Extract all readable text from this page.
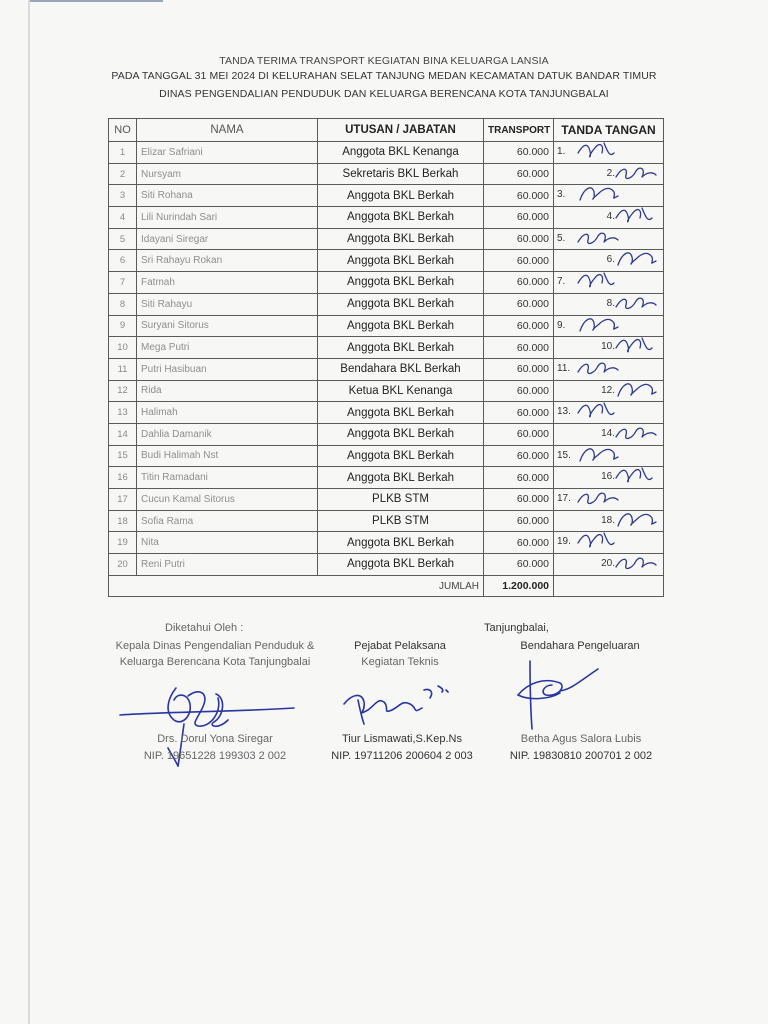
TANDA TERIMA TRANSPORT KEGIATAN BINA KELUARGA LANSIA
PADA TANGGAL 31 MEI 2024 DI KELURAHAN SELAT TANJUNG MEDAN KECAMATAN DATUK BANDAR TIMUR
DINAS PENGENDALIAN PENDUDUK DAN KELUARGA BERENCANA KOTA TANJUNGBALAI
NO	NAMA	UTUSAN / JABATAN	TRANSPORT	TANDA TANGAN
1	Elizar Safriani	Anggota BKL Kenanga	60.000	1.

2	Nursyam	Sekretaris BKL Berkah	60.000	2.

3	Siti Rohana	Anggota BKL Berkah	60.000	3.

4	Lili Nurindah Sari	Anggota BKL Berkah	60.000	4.

5	Idayani Siregar	Anggota BKL Berkah	60.000	5.

6	Sri Rahayu Rokan	Anggota BKL Berkah	60.000	6.

7	Fatmah	Anggota BKL Berkah	60.000	7.

8	Siti Rahayu	Anggota BKL Berkah	60.000	8.

9	Suryani Sitorus	Anggota BKL Berkah	60.000	9.

10	Mega Putri	Anggota BKL Berkah	60.000	10.

11	Putri Hasibuan	Bendahara BKL Berkah	60.000	11.

12	Rida	Ketua BKL Kenanga	60.000	12.

13	Halimah	Anggota BKL Berkah	60.000	13.

14	Dahlia Damanik	Anggota BKL Berkah	60.000	14.

15	Budi Halimah Nst	Anggota BKL Berkah	60.000	15.

16	Titin Ramadani	Anggota BKL Berkah	60.000	16.

17	Cucun Kamal Sitorus	PLKB STM	60.000	17.

18	Sofia Rama	PLKB STM	60.000	18.

19	Nita	Anggota BKL Berkah	60.000	19.

20	Reni Putri	Anggota BKL Berkah	60.000	20.

JUMLAH			1.200.000	
Diketahui Oleh :
Kepala Dinas Pengendalian Penduduk &
Keluarga Berencana Kota Tanjungbalai
Drs. Dorul Yona Siregar
NIP. 19651228 199303 2 002
Pejabat Pelaksana
Kegiatan Teknis
Tiur Lismawati,S.Kep.Ns
NIP. 19711206 200604 2 003
Tanjungbalai,
Bendahara Pengeluaran
Betha Agus Salora Lubis
NIP. 19830810 200701 2 002
